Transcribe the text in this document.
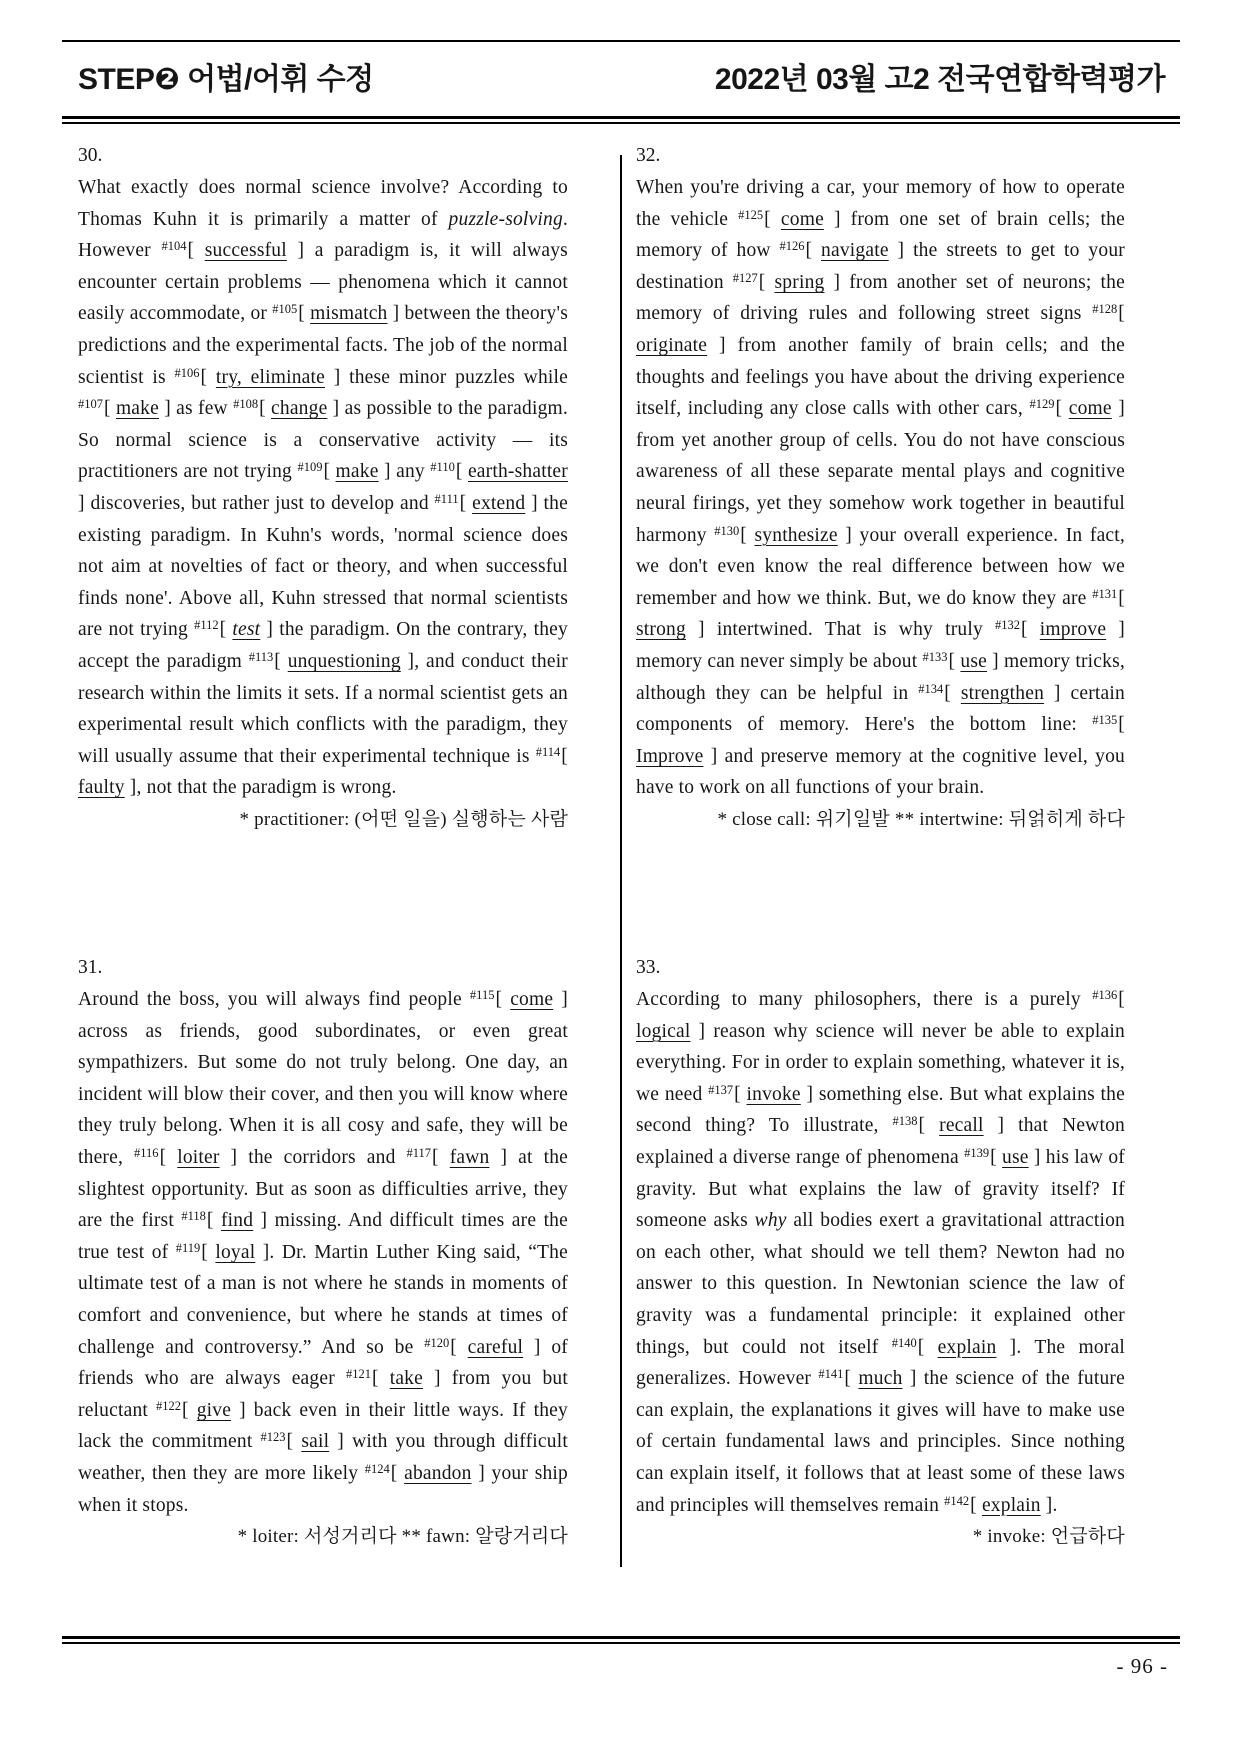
STEP❷ 어법/어휘 수정	2022년 03월 고2 전국연합학력평가
30.

What exactly does normal science involve? According to Thomas Kuhn it is primarily a matter of puzzle-solving. However $^{\#104}$[ successful ] a paradigm is, it will always encounter certain problems — phenomena which it cannot easily accommodate, or $^{\#105}$[ mismatch ] between the theory's predictions and the experimental facts. The job of the normal scientist is $^{\#106}$[ try, eliminate ] these minor puzzles while $^{\#107}$[ make ] as few $^{\#108}$[ change ] as possible to the paradigm. So normal science is a conservative activity — its practitioners are not trying $^{\#109}$[ make ] any $^{\#110}$[ earth-shatter ] discoveries, but rather just to develop and $^{\#111}$[ extend ] the existing paradigm. In Kuhn's words, 'normal science does not aim at novelties of fact or theory, and when successful finds none'. Above all, Kuhn stressed that normal scientists are not trying $^{\#112}$[ test ] the paradigm. On the contrary, they accept the paradigm $^{\#113}$[ unquestioning ], and conduct their research within the limits it sets. If a normal scientist gets an experimental result which conflicts with the paradigm, they will usually assume that their experimental technique is $^{\#114}$[ faulty ], not that the paradigm is wrong.

* practitioner: (어떤 일을) 실행하는 사람
31.

Around the boss, you will always find people $^{\#115}$[ come ] across as friends, good subordinates, or even great sympathizers. But some do not truly belong. One day, an incident will blow their cover, and then you will know where they truly belong. When it is all cosy and safe, they will be there, $^{\#116}$[ loiter ] the corridors and $^{\#117}$[ fawn ] at the slightest opportunity. But as soon as difficulties arrive, they are the first $^{\#118}$[ find ] missing. And difficult times are the true test of $^{\#119}$[ loyal ]. Dr. Martin Luther King said, “The ultimate test of a man is not where he stands in moments of comfort and convenience, but where he stands at times of challenge and controversy.” And so be $^{\#120}$[ careful ] of friends who are always eager $^{\#121}$[ take ] from you but reluctant $^{\#122}$[ give ] back even in their little ways. If they lack the commitment $^{\#123}$[ sail ] with you through difficult weather, then they are more likely $^{\#124}$[ abandon ] your ship when it stops.

* loiter: 서성거리다 ** fawn: 알랑거리다
32.

When you're driving a car, your memory of how to operate the vehicle $^{\#125}$[ come ] from one set of brain cells; the memory of how $^{\#126}$[ navigate ] the streets to get to your destination $^{\#127}$[ spring ] from another set of neurons; the memory of driving rules and following street signs $^{\#128}$[ originate ] from another family of brain cells; and the thoughts and feelings you have about the driving experience itself, including any close calls with other cars, $^{\#129}$[ come ] from yet another group of cells. You do not have conscious awareness of all these separate mental plays and cognitive neural firings, yet they somehow work together in beautiful harmony $^{\#130}$[ synthesize ] your overall experience. In fact, we don't even know the real difference between how we remember and how we think. But, we do know they are $^{\#131}$[ strong ] intertwined. That is why truly $^{\#132}$[ improve ] memory can never simply be about $^{\#133}$[ use ] memory tricks, although they can be helpful in $^{\#134}$[ strengthen ] certain components of memory. Here's the bottom line: $^{\#135}$[ Improve ] and preserve memory at the cognitive level, you have to work on all functions of your brain.

* close call: 위기일발 ** intertwine: 뒤얽히게 하다
33.

According to many philosophers, there is a purely $^{\#136}$[ logical ] reason why science will never be able to explain everything. For in order to explain something, whatever it is, we need $^{\#137}$[ invoke ] something else. But what explains the second thing? To illustrate, $^{\#138}$[ recall ] that Newton explained a diverse range of phenomena $^{\#139}$[ use ] his law of gravity. But what explains the law of gravity itself? If someone asks why all bodies exert a gravitational attraction on each other, what should we tell them? Newton had no answer to this question. In Newtonian science the law of gravity was a fundamental principle: it explained other things, but could not itself $^{\#140}$[ explain ]. The moral generalizes. However $^{\#141}$[ much ] the science of the future can explain, the explanations it gives will have to make use of certain fundamental laws and principles. Since nothing can explain itself, it follows that at least some of these laws and principles will themselves remain $^{\#142}$[ explain ].

* invoke: 언급하다
- 96 -
